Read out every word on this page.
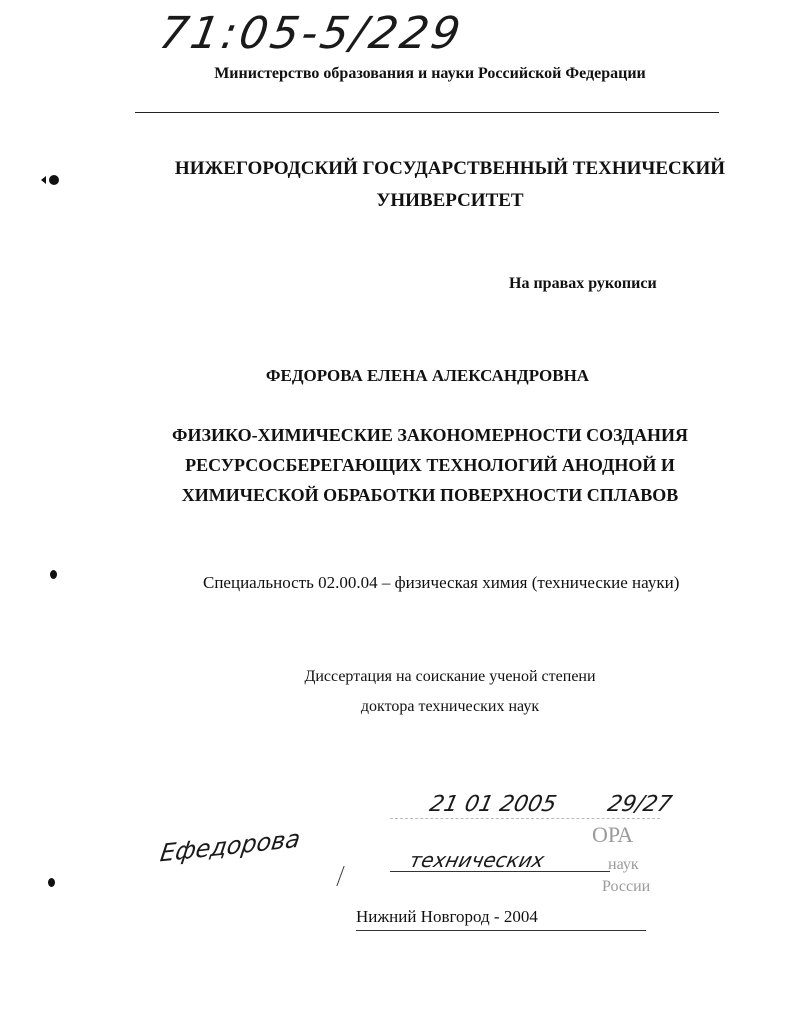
71:05-5/229
Министерство образования и науки Российской Федерации
НИЖЕГОРОДСКИЙ ГОСУДАРСТВЕННЫЙ ТЕХНИЧЕСКИЙ
УНИВЕРСИТЕТ
На правах рукописи
ФЕДОРОВА ЕЛЕНА АЛЕКСАНДРОВНА
ФИЗИКО-ХИМИЧЕСКИЕ ЗАКОНОМЕРНОСТИ СОЗДАНИЯ
РЕСУРСОСБЕРЕГАЮЩИХ ТЕХНОЛОГИЙ АНОДНОЙ И
ХИМИЧЕСКОЙ ОБРАБОТКИ ПОВЕРХНОСТИ СПЛАВОВ
Специальность 02.00.04 – физическая химия (технические науки)
Диссертация на соискание ученой степени
доктора технических наук
21 01 2005 29/27
ОРА
технических	наук
России
Ефедорова
Нижний Новгород - 2004
